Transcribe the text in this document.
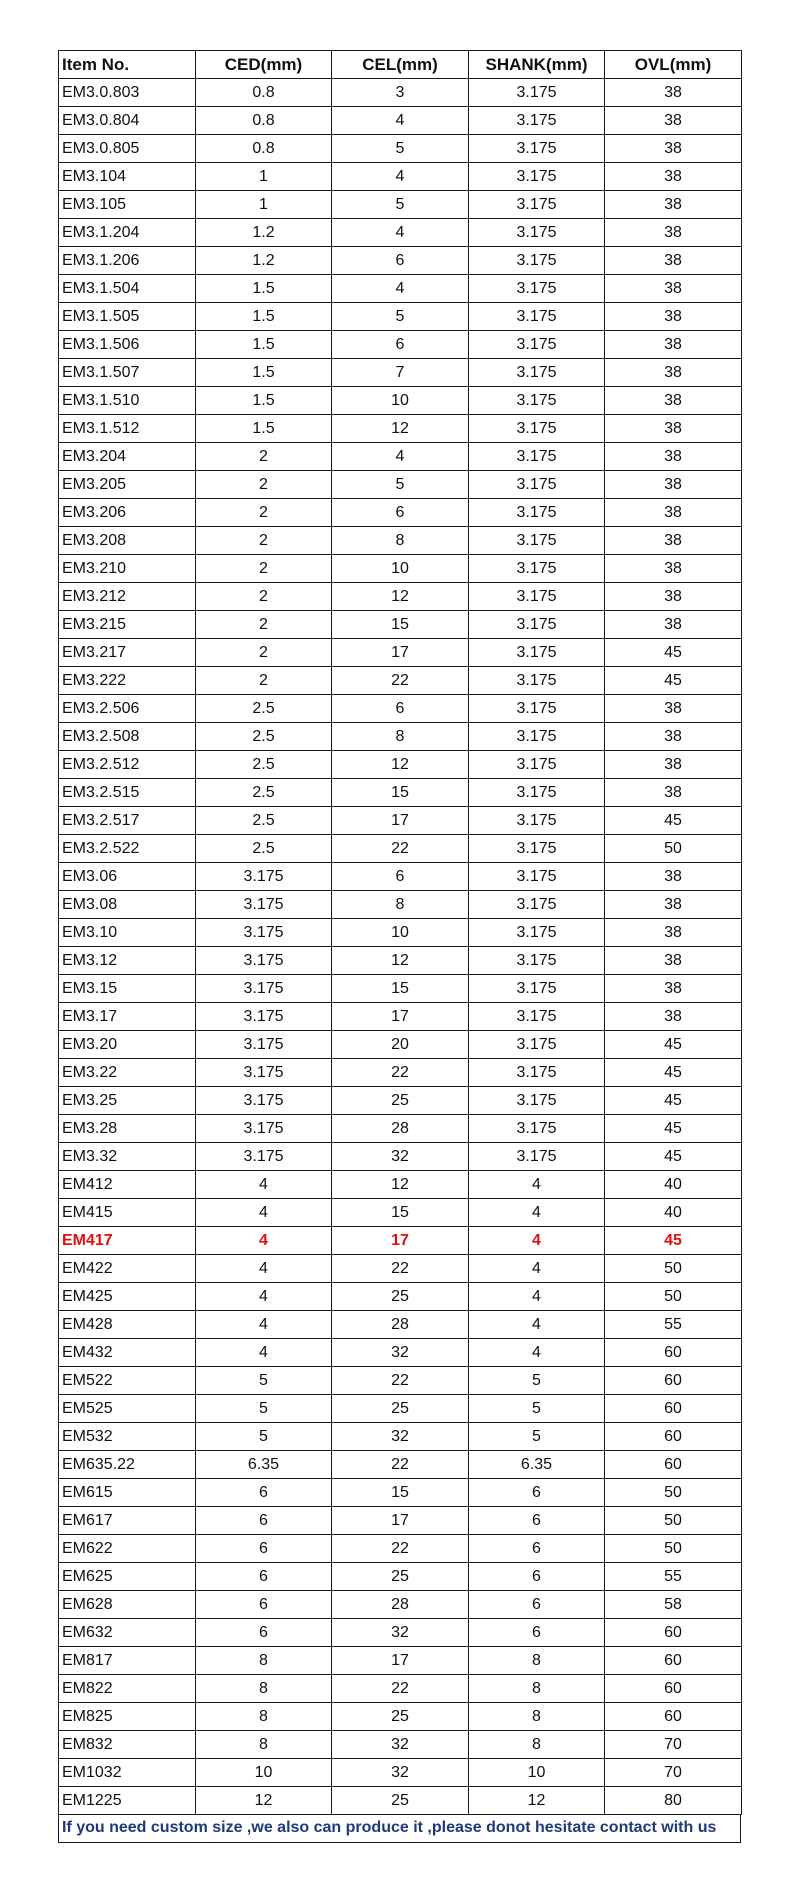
Item No.	CED(mm)	CEL(mm)	SHANK(mm)	OVL(mm)
EM3.0.803	0.8	3	3.175	38
EM3.0.804	0.8	4	3.175	38
EM3.0.805	0.8	5	3.175	38
EM3.104	1	4	3.175	38
EM3.105	1	5	3.175	38
EM3.1.204	1.2	4	3.175	38
EM3.1.206	1.2	6	3.175	38
EM3.1.504	1.5	4	3.175	38
EM3.1.505	1.5	5	3.175	38
EM3.1.506	1.5	6	3.175	38
EM3.1.507	1.5	7	3.175	38
EM3.1.510	1.5	10	3.175	38
EM3.1.512	1.5	12	3.175	38
EM3.204	2	4	3.175	38
EM3.205	2	5	3.175	38
EM3.206	2	6	3.175	38
EM3.208	2	8	3.175	38
EM3.210	2	10	3.175	38
EM3.212	2	12	3.175	38
EM3.215	2	15	3.175	38
EM3.217	2	17	3.175	45
EM3.222	2	22	3.175	45
EM3.2.506	2.5	6	3.175	38
EM3.2.508	2.5	8	3.175	38
EM3.2.512	2.5	12	3.175	38
EM3.2.515	2.5	15	3.175	38
EM3.2.517	2.5	17	3.175	45
EM3.2.522	2.5	22	3.175	50
EM3.06	3.175	6	3.175	38
EM3.08	3.175	8	3.175	38
EM3.10	3.175	10	3.175	38
EM3.12	3.175	12	3.175	38
EM3.15	3.175	15	3.175	38
EM3.17	3.175	17	3.175	38
EM3.20	3.175	20	3.175	45
EM3.22	3.175	22	3.175	45
EM3.25	3.175	25	3.175	45
EM3.28	3.175	28	3.175	45
EM3.32	3.175	32	3.175	45
EM412	4	12	4	40
EM415	4	15	4	40
EM417	4	17	4	45
EM422	4	22	4	50
EM425	4	25	4	50
EM428	4	28	4	55
EM432	4	32	4	60
EM522	5	22	5	60
EM525	5	25	5	60
EM532	5	32	5	60
EM635.22	6.35	22	6.35	60
EM615	6	15	6	50
EM617	6	17	6	50
EM622	6	22	6	50
EM625	6	25	6	55
EM628	6	28	6	58
EM632	6	32	6	60
EM817	8	17	8	60
EM822	8	22	8	60
EM825	8	25	8	60
EM832	8	32	8	70
EM1032	10	32	10	70
EM1225	12	25	12	80
If you need custom size ,we also can produce it ,please donot hesitate contact with us
